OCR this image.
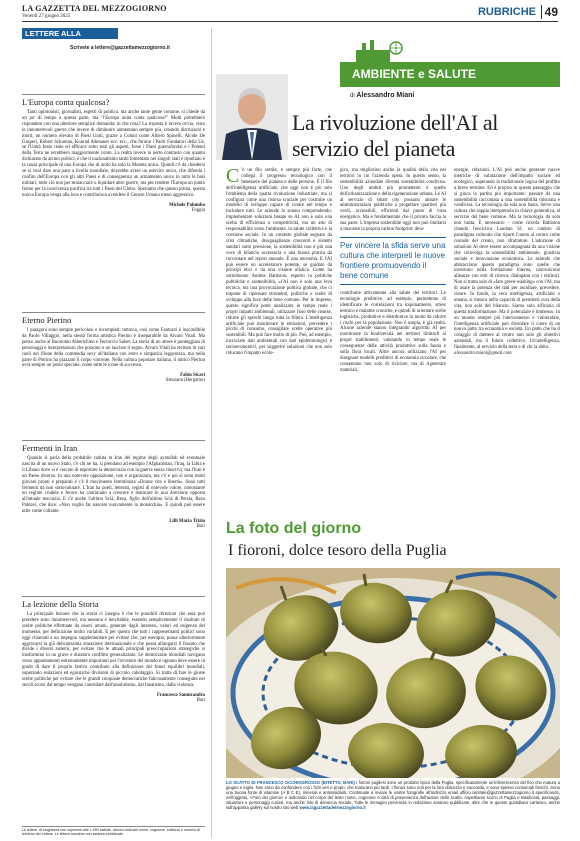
LA GAZZETTA DEL MEZZOGIORNO
Venerdì 27 giugno 2025	RUBRICHE 49
LETTERE ALLA GAZZETTA
Scrivete a lettere@gazzettamezzogiorno.it
L'Europa conta qualcosa?

Tanti opinionisti, giornalisti, esperti di politica, ma anche tante gente comune, si chiede da un po' di tempo a questa parte, ma "l'Europa unita conta qualcosa?" Molti potrebbero rispondere con una ulteriore semplice domanda: in che cosa? La risposta è invece ovvia, visto le innumerevoli guerre che invece di diminuire aumentano sempre più, creando distruzioni e morti, un numero elevato di Paesi Uniti, grazie a Coloni come Altiero Spinelli, Alcide De Gasperi, Robert Schuman, Konrad Adenauer ecc. ecc., che furono i Padri Fondatori della Ue, se l'Unità fosse reale ed efficace sotto tutti gli aspetti, forse i Paesi guerrafondai e i Potenti della Terra ne avrebbero maggiormente conto. La realtà invece in netto contrasto con quanto dichiarato da alcuni politici, è che il nazionalismo tanto fomentato nei singoli stati e ripudiato è la causa principale di una Europa che di unito ha solo la Moneta unica. Quindi c'è da chiedersi se si vuol dare una pace a livello mondiale, dovrebbe avere un esercito unico, che difenda i confini dell'Europa con gli altri Paesi e di conseguenza un armamento unico in tutto le basi militari, tutto ciò non per minacciare o liquidare altre guerre, ma per rendere l'Europa un punto fermo per la convivenza pacifica tra tutti i Paesi del Globo. Speriamo che questo prima, questa nuova Europa venga alla luce e contribuisca a rendere il Genere Umano meno aggressivo.

Michele Palumbo
Foggia
Eterno Pierino

I paragoni sono sempre pericolosi e incompleti; tuttavia, così come Fantozzi è inscindibile da Paolo Villaggio, nella stessa forma artistica Pierino è inseparabile da Alvaro Vitali. Ma penso anche al Buonomo Alberichino e Ferruccio Sabet. La storia di un attore è punteggiata di personaggi e interpretazioni che possono o no lasciare il segno. Alvaro Vitali ha recitato in vari ruoli nei filone della commedia sexy all'italiana con estro e simpatica leggerezza, ma nella parte di Pierino ha piazzato il colpo vincente. Nella cultura popolare italiana, il mitico Pierino avrà sempre un posto speciale, come tutte le icone di successo.

Fabio Sicari
Stezzano (Bergamo)
Fermenti in Iran

Quando si parla della probabile caduta in Iran del regime degli ayatollah ed eventuale nascita di un nuovo Stato, c'è chi ne ha, si prendano ad esempio l'Afghanistan, l'Iraq, la Libia e il Libano dove si è cercato di esportare la democrazia con la guerra senza riuscirvi, ma l'Iran è un Paese diverso. In una notevole opposizione, non è organizzata, ma c'è e poi si sono molti giovani pronti e preparati e c'è il movimento femminista «Donne vita e libertà». Sono tutti fermenti da non sottovalutare. L'Iran ha poeti, letterati, registi di notevole valore, nonostante un regime crudele e feroce ha continuato a crescere e maturare in una direzione opposta all'attuale teocrazia. E c'è anche l'ultimo Scià, Reza, figlio dell'ultimo Scià di Persia, Reza Pahlavi, che dice: «Non voglio far nascere nuovamente la monarchia». E quindi può essere utile come collante.

Lilli Maria Trizio
Bari
La lezione della Storia

La principale lezione che la storia ci insegna è che le possibili direzioni che essa può prendere sono innumerevoli, ma nessuna è inevitabile, essendo semplicemente il risultato di scelte politiche effettuate da esseri umani, generate dagli interessi, valori ed esigenze del momento, per definizione molto variabili. E per questo che tutti i rappresentanti politici sono oggi chiamati a un impegno supplementare per evitare che, per esempio, possa ulteriormente aggravarsi la già delicatissima situazione internazionale e che possa allungarsi il fossato che divide i diversi sistemi, per evitare che le attuali principali preoccupazioni strategiche si trasformino in un grave e duraturo conflitto generalizzato. Le democrazie mondiali navigano verso appuntamenti estremamente importanti per l'avvenire del mondo e ognuno deve essere in grado di dare il proprio fattivo contributo alla definizione dei futuri equilibri mondiali, superando esitazioni ed egoistiche divisioni di piccolo cabotaggio. Si tratta di fare le giuste scelte politiche per evitare che le grandi conquiste democratiche faticosamente conseguite nei secoli scorsi dal tempo vengano cancellate dall'assolutismo, dal fanatismo, dalla violenza.

Francesco Sannicandro
Bari
Le lettere, di lunghezza non superiore alle 1.000 battute, devono indicare nome, cognome, indirizzo e numero di telefono del Lettore. Le lettere anonime non saranno pubblicate.
AMBIENTE e SALUTE
di Alessandro Miani
La rivoluzione dell'AI al servizio del pianeta
C 'è un filo sottile, e sempre più forte, che collega il progresso tecnologico con il benessere del pianeta e delle persone. È il filo dell'intelligenza artificiale, che oggi non è più solo l'emblema della quarta rivoluzione industriale, ma si configura come una risorsa cruciale per costruire un modello di sviluppo capace di curare nel tempo e includere tutti. Le aziende lo stanno comprendendo: implementare soluzioni basate su AI non è solo una scelta di efficienza o competitività, ma un atto di responsabilità verso l'ambiente, la salute collettiva e la coesione sociale. In un contesto globale segnato da crisi climatiche, disuguaglianze crescenti e sistemi sanitari sotto pressione, la sostenibilità non è più una voce di bilancio accessoria o una buona pratica da raccontare nel report annuale. È una necessità. E l'AI può essere un acceleratore potente, se guidato da principi etici e da una visione olistica. Come ha sottolineato Andrea Battiston, esperto in politiche pubbliche e sostenibilità, «l'AI non è solo una leva tecnica, ma una provocazione politica globale, che ci impone di ripensare strumenti, politiche e scelte di sviluppo alla luce delle bene comune. Per le imprese, questo significa poter analizzare in tempo reale i propri impatti ambientali, utilizzare l'uso delle risorse, ridurre gli sprechi lungo tutta la filiera. L'intelligenza artificiale può monitorare le emissioni, prevedere i picchi di consumo, consigliare scelte operative più sostenibili. Ma può fare molto di più. Può, ad esempio, incrociare dati ambientali con dati epidemiologici e socioeconomici, per suggerire soluzioni che non solo riducano l'impatto ecolo-

gico, ma migliorino anche la qualità della vita nei territori in cui l'azienda opera. In questo senso, la sostenibilità aziendale diventa sostenibilità condivisa. Uno degli ambiti più promettenti è quello dell'urbanizzazione e della rigenerazione urbana. Le AI al servizio di smart city possono aiutare le amministrazioni pubbliche a progettare quartieri più verdi, accessibili, efficienti dal punto di vista energetico. Ma è fondamentale che il privato faccia la sua parte. L'impresa sostenibile oggi non può limitarsi a misurare la propria carbon footprint: deve

Per vincere la sfida serve una cultura che interpreti le nuove frontiere promuovendo il bene comune

contribuire attivamente alla salute dei territori. Le tecnologie predittive, ad esempio, permettono di identificare le correlazioni tra inquinamento, stress termico e malattie croniche, e quindi di orientare scelte logistiche, produttive e distributive in modo da ridurre i rischi per la popolazione. Non è utopia, è già realtà. Alcune aziende stanno integrando algoritmi AI per monitorare la biodiversità nei territori limitrofi ai propri stabilimenti, valutando in tempo reale le conseguenze delle attività produttive sulla fauna e sulla flora locali. Altre ancora utilizzano l'AI per disegnare modelli predittivi di economia circolare, che consentano non solo di riciclare, ma di rigenerare materiali,

energie, relazioni. L'AI può anche generare nuove metriche di valutazione dell'impatto sociale ed ecologico, superando la tradizionale logica del profitto a breve termine. Ed è proprio in questo passaggio che si gioca la partita più importante: passare da una sostenibilità raccontata a una sostenibilità misurata e condivisa. La tecnologia da sola non basta. Serve una cultura che sappia interpretarla in chiave generativa, al servizio del bene comune. Ma la tecnologia da sola non basta. È necessario - come ricorda Battiston citando l'enciclica Laudato Si', un cambio di paradigma culturale che riporti l'uomo al centro come custode del creato, non sfruttatore. L'adozione di soluzioni AI deve essere accompagnata da una visione che coinvolga la sostenibilità ambientale, giustizia sociale e innovazione economica. Le aziende che abbracciano questo paradigma sono quelle che investono nella formazione interna, costruiscono alleanze con enti di ricerca, dialogano con i territori. Non si tratta solo di «fare green-washing» con l'AI, ma di usare la potenza dei dati per ascoltare, prevedere, curare. In fondo, la vera intelligenza, artificiale o umana, si misura nella capacità di prendersi cura della vita, non solo del bilancio. Siamo solo all'inizio di questa trasformazione. Ma il potenziale è immenso. In un mondo sempre più interconnesso e vulnerabile, l'intelligenza artificiale può diventare il cuore di un nuovo patto tra economia e società. Un patto che ha il coraggio di mettere al centro non solo gli obiettivi aziendali, ma il futuro collettivo. Un'intelligenza, finalmente, al servizio della terra e di chi la abita.

alessandro.miani@gmail.com

La foto del giorno
I fioroni, dolce tesoro della Puglia
LO SCATTO DI FRANCESCO OCCHIOGROSSO (BITETTO, BARI) I fioroni pugliesi sono un prodotto tipico della Puglia, specificatamente un'infiorescenza del fico che matura a giugno e luglio. Non sono da confondere con i fichi veri e propri, che maturano più tardi. I fioroni sono noti per la loro dolcezza e succosità, e sono spesso consumati freschi. Sono una buona fonte di vitamine (A B C E), minerali e antiossidanti. Continuate a inviare le vostre fotografie all'indirizzo email ufficio.centrale@gazzettamezzogiorno.it specificando, nell'oggetto, «Foto del giorno» e indicando nel corpo del testo nome, cognome e città di provenienza dell'autore dello scatto. Aspettiamo scorci di Puglia e Basilicata, paesaggi, situazioni e personaggi curiosi, ma anche foto di denuncia sociale. Tutte le immagini pervenute in redazione saranno pubblicate, oltre che in questo quotidiano cartaceo, anche sull'apposita gallery sul nostro sito web www.lagazzettadelmezzogiorno.it
